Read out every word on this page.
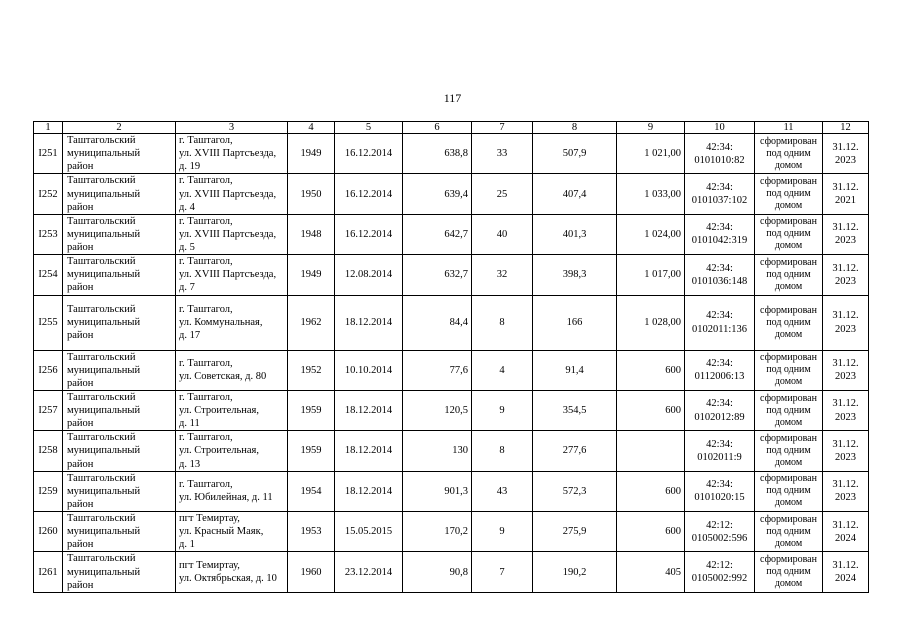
117
1	2	3	4	5	6	7	8	9	10	11	12
I251	Таштагольский
муниципальный
район	г. Таштагол,
ул. XVIII Партсъезда,
д. 19	1949	16.12.2014	638,8	33	507,9	1 021,00	42:34:
0101010:82	сформирован
под одним
домом	31.12.
2023

I252	Таштагольский
муниципальный
район	г. Таштагол,
ул. XVIII Партсъезда,
д. 4	1950	16.12.2014	639,4	25	407,4	1 033,00	42:34:
0101037:102	сформирован
под одним
домом	31.12.
2021

I253	Таштагольский
муниципальный
район	г. Таштагол,
ул. XVIII Партсъезда,
д. 5	1948	16.12.2014	642,7	40	401,3	1 024,00	42:34:
0101042:319	сформирован
под одним
домом	31.12.
2023

I254	Таштагольский
муниципальный
район	г. Таштагол,
ул. XVIII Партсъезда,
д. 7	1949	12.08.2014	632,7	32	398,3	1 017,00	42:34:
0101036:148	сформирован
под одним
домом	31.12.
2023

I255	Таштагольский
муниципальный
район	г. Таштагол,
ул. Коммунальная,
д. 17	1962	18.12.2014	84,4	8	166	1 028,00	42:34:
0102011:136	сформирован
под одним
домом	31.12.
2023

I256	Таштагольский
муниципальный
район	г. Таштагол,
ул. Советская, д. 80	1952	10.10.2014	77,6	4	91,4	600	42:34:
0112006:13	сформирован
под одним
домом	31.12.
2023

I257	Таштагольский
муниципальный
район	г. Таштагол,
ул. Строительная,
д. 11	1959	18.12.2014	120,5	9	354,5	600	42:34:
0102012:89	сформирован
под одним
домом	31.12.
2023

I258	Таштагольский
муниципальный
район	г. Таштагол,
ул. Строительная,
д. 13	1959	18.12.2014	130	8	277,6		42:34:
0102011:9	сформирован
под одним
домом	31.12.
2023

I259	Таштагольский
муниципальный
район	г. Таштагол,
ул. Юбилейная, д. 11	1954	18.12.2014	901,3	43	572,3	600	42:34:
0101020:15	сформирован
под одним
домом	31.12.
2023

I260	Таштагольский
муниципальный
район	пгт Темиртау,
ул. Красный Маяк,
д. 1	1953	15.05.2015	170,2	9	275,9	600	42:12:
0105002:596	сформирован
под одним
домом	31.12.
2024

I261	Таштагольский
муниципальный
район	пгт Темиртау,
ул. Октябрьская, д. 10	1960	23.12.2014	90,8	7	190,2	405	42:12:
0105002:992	сформирован
под одним
домом	31.12.
2024
